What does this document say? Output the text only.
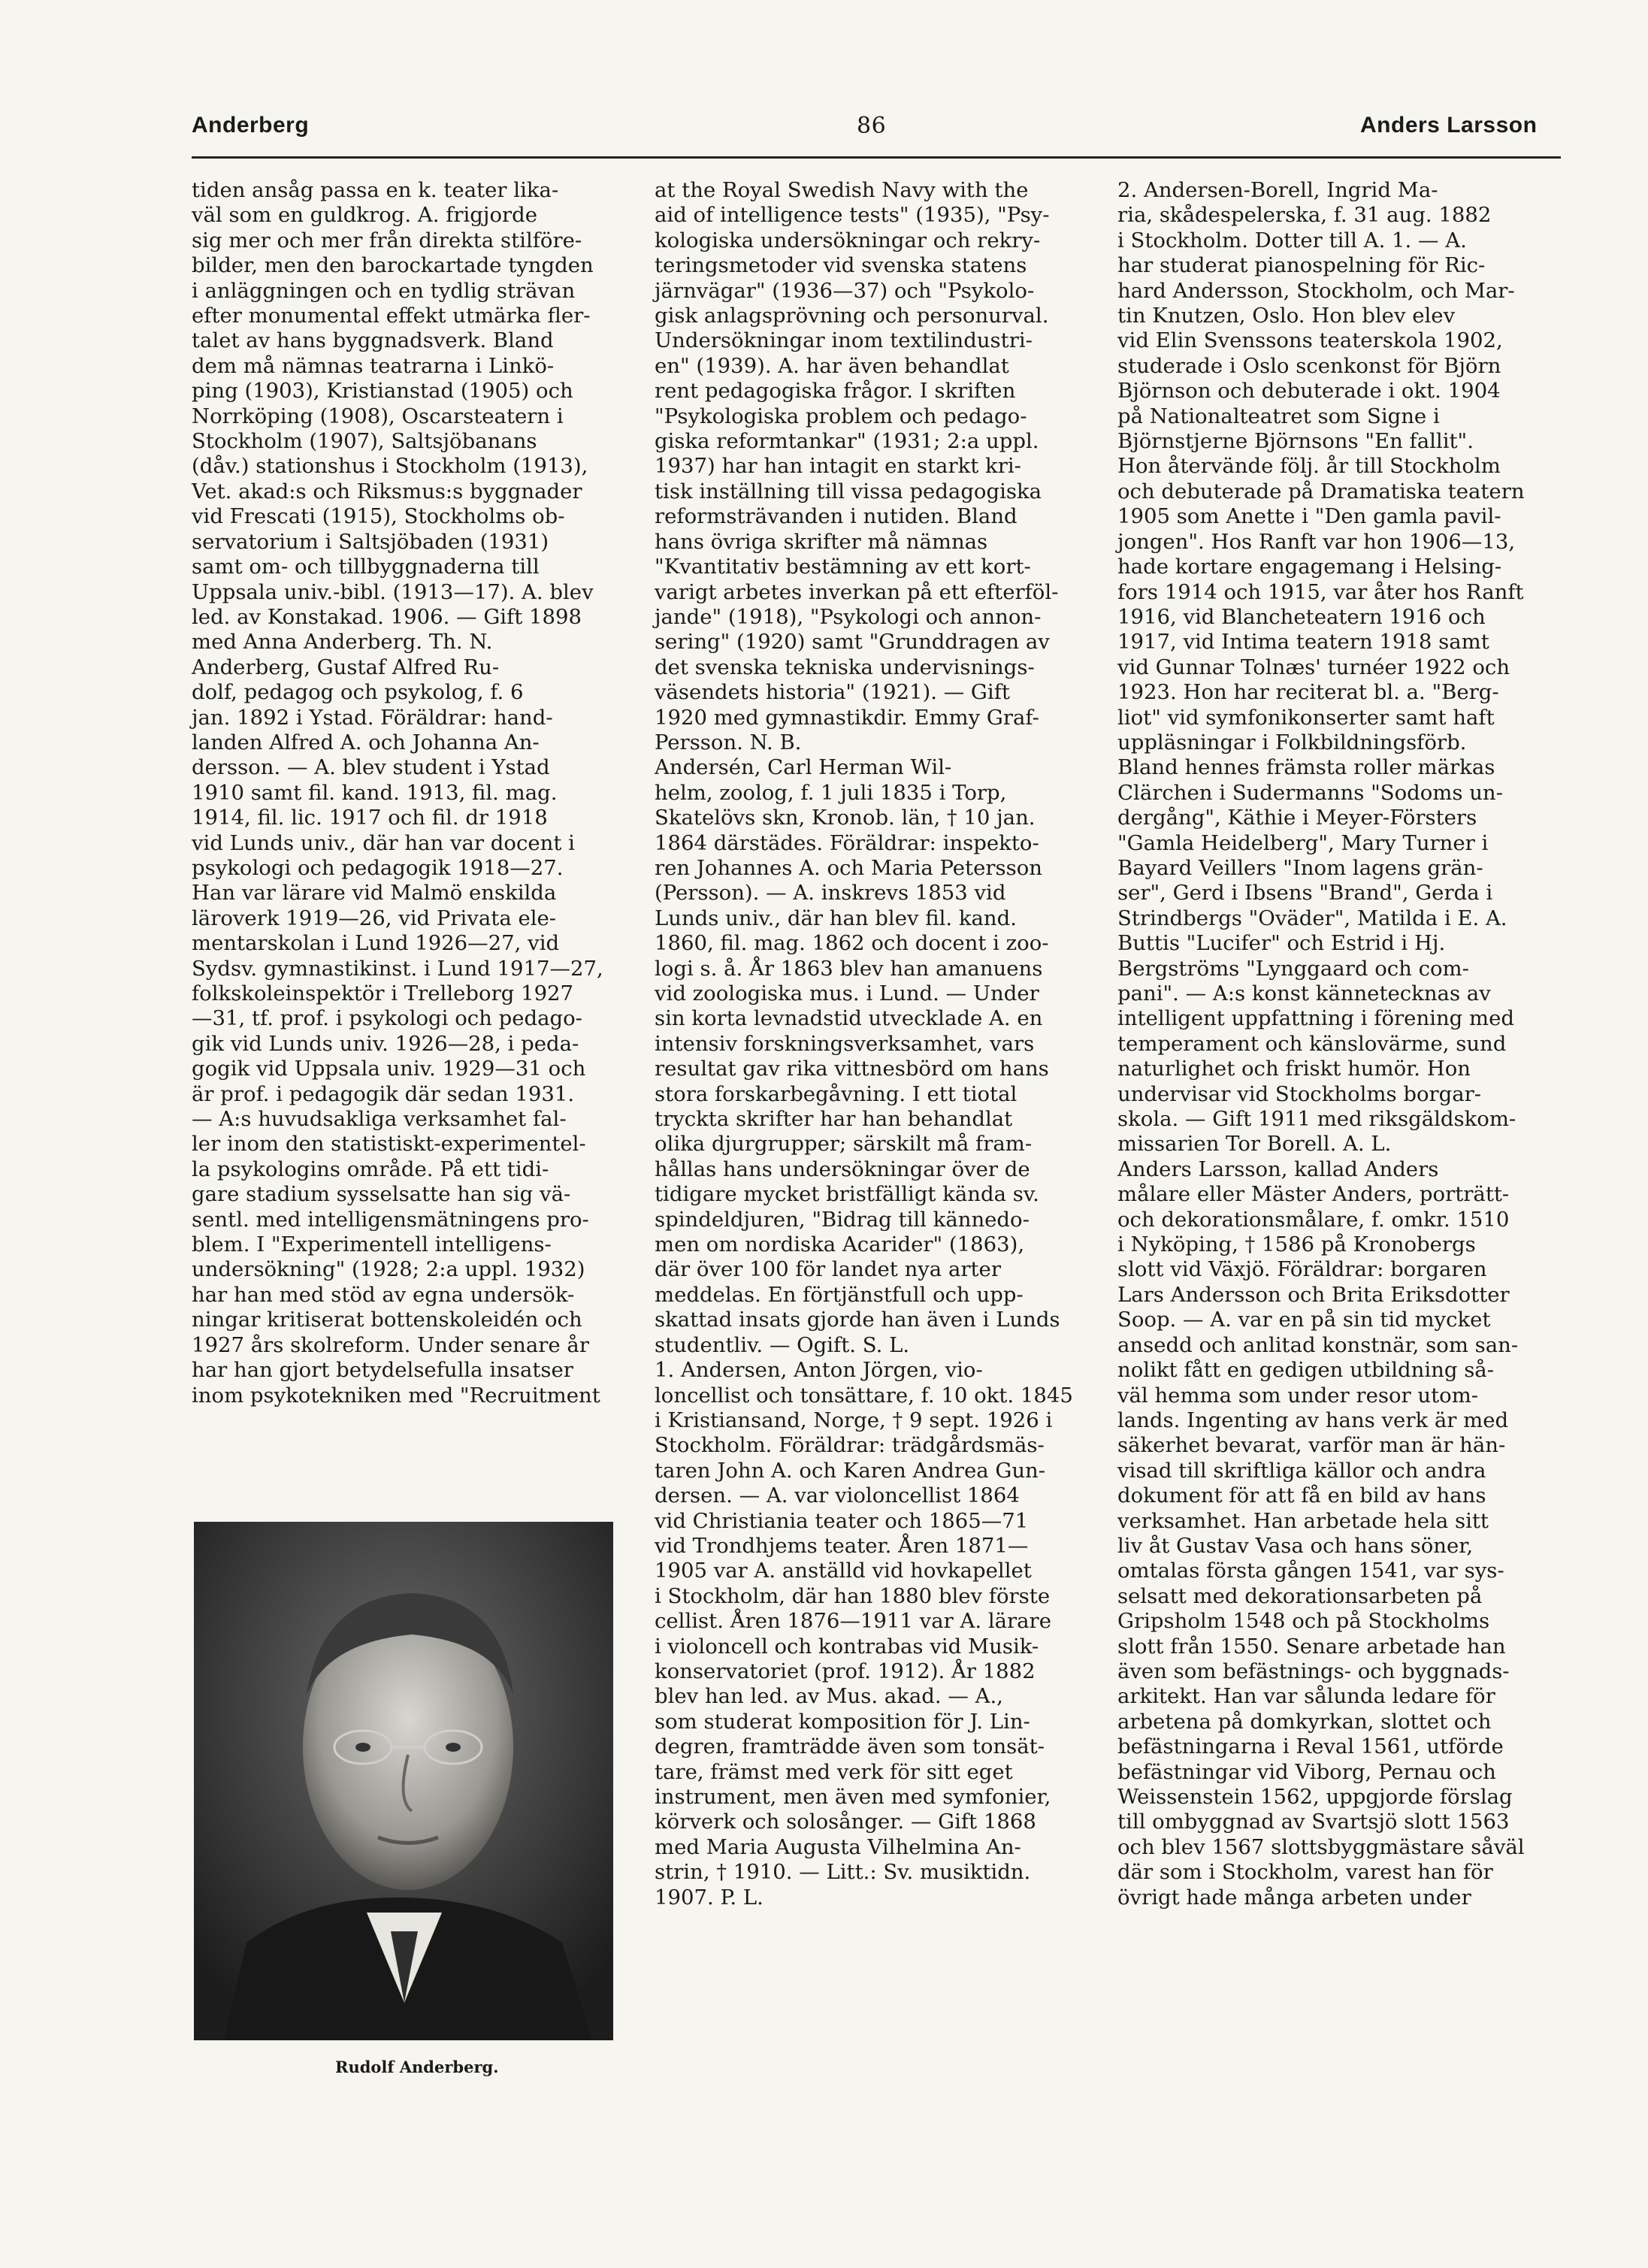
Anderberg	86	Anders Larsson

tiden ansåg passa en k. teater lika-

väl som en guldkrog. A. frigjorde

sig mer och mer från direkta stilföre-

bilder, men den barockartade tyngden

i anläggningen och en tydlig strävan

efter monumental effekt utmärka fler-

talet av hans byggnadsverk. Bland

dem må nämnas teatrarna i Linkö-

ping (1903), Kristianstad (1905) och

Norrköping (1908), Oscarsteatern i

Stockholm (1907), Saltsjöbanans

(dåv.) stationshus i Stockholm (1913),

Vet. akad:s och Riksmus:s byggnader

vid Frescati (1915), Stockholms ob-

servatorium i Saltsjöbaden (1931)

samt om- och tillbyggnaderna till

Uppsala univ.-bibl. (1913—17). A. blev

led. av Konstakad. 1906. — Gift 1898

med Anna Anderberg. Th. N.

Anderberg, Gustaf Alfred Ru-

dolf, pedagog och psykolog, f. 6

jan. 1892 i Ystad. Föräldrar: hand-

landen Alfred A. och Johanna An-

dersson. — A. blev student i Ystad

1910 samt fil. kand. 1913, fil. mag.

1914, fil. lic. 1917 och fil. dr 1918

vid Lunds univ., där han var docent i

psykologi och pedagogik 1918—27.

Han var lärare vid Malmö enskilda

läroverk 1919—26, vid Privata ele-

mentarskolan i Lund 1926—27, vid

Sydsv. gymnastikinst. i Lund 1917—27,

folkskoleinspektör i Trelleborg 1927

—31, tf. prof. i psykologi och pedago-

gik vid Lunds univ. 1926—28, i peda-

gogik vid Uppsala univ. 1929—31 och

är prof. i pedagogik där sedan 1931.

— A:s huvudsakliga verksamhet fal-

ler inom den statistiskt-experimentel-

la psykologins område. På ett tidi-

gare stadium sysselsatte han sig vä-

sentl. med intelligensmätningens pro-

blem. I "Experimentell intelligens-

undersökning" (1928; 2:a uppl. 1932)

har han med stöd av egna undersök-

ningar kritiserat bottenskoleidén och

1927 års skolreform. Under senare år

har han gjort betydelsefulla insatser

inom psykotekniken med "Recruitment

at the Royal Swedish Navy with the

aid of intelligence tests" (1935), "Psy-

kologiska undersökningar och rekry-

teringsmetoder vid svenska statens

järnvägar" (1936—37) och "Psykolo-

gisk anlagsprövning och personurval.

Undersökningar inom textilindustri-

en" (1939). A. har även behandlat

rent pedagogiska frågor. I skriften

"Psykologiska problem och pedago-

giska reformtankar" (1931; 2:a uppl.

1937) har han intagit en starkt kri-

tisk inställning till vissa pedagogiska

reformsträvanden i nutiden. Bland

hans övriga skrifter må nämnas

"Kvantitativ bestämning av ett kort-

varigt arbetes inverkan på ett efterföl-

jande" (1918), "Psykologi och annon-

sering" (1920) samt "Grunddragen av

det svenska tekniska undervisnings-

väsendets historia" (1921). — Gift

1920 med gymnastikdir. Emmy Graf-

Persson. N. B.

Andersén, Carl Herman Wil-

helm, zoolog, f. 1 juli 1835 i Torp,

Skatelövs skn, Kronob. län, † 10 jan.

1864 därstädes. Föräldrar: inspekto-

ren Johannes A. och Maria Petersson

(Persson). — A. inskrevs 1853 vid

Lunds univ., där han blev fil. kand.

1860, fil. mag. 1862 och docent i zoo-

logi s. å. År 1863 blev han amanuens

vid zoologiska mus. i Lund. — Under

sin korta levnadstid utvecklade A. en

intensiv forskningsverksamhet, vars

resultat gav rika vittnesbörd om hans

stora forskarbegåvning. I ett tiotal

tryckta skrifter har han behandlat

olika djurgrupper; särskilt må fram-

hållas hans undersökningar över de

tidigare mycket bristfälligt kända sv.

spindeldjuren, "Bidrag till kännedo-

men om nordiska Acarider" (1863),

där över 100 för landet nya arter

meddelas. En förtjänstfull och upp-

skattad insats gjorde han även i Lunds

studentliv. — Ogift. S. L.

1. Andersen, Anton Jörgen, vio-

loncellist och tonsättare, f. 10 okt. 1845

i Kristiansand, Norge, † 9 sept. 1926 i

Stockholm. Föräldrar: trädgårdsmäs-

taren John A. och Karen Andrea Gun-

dersen. — A. var violoncellist 1864

vid Christiania teater och 1865—71

vid Trondhjems teater. Åren 1871—

1905 var A. anställd vid hovkapellet

i Stockholm, där han 1880 blev förste

cellist. Åren 1876—1911 var A. lärare

i violoncell och kontrabas vid Musik-

konservatoriet (prof. 1912). År 1882

blev han led. av Mus. akad. — A.,

som studerat komposition för J. Lin-

degren, framträdde även som tonsät-

tare, främst med verk för sitt eget

instrument, men även med symfonier,

körverk och solosånger. — Gift 1868

med Maria Augusta Vilhelmina An-

strin, † 1910. — Litt.: Sv. musiktidn.

1907. P. L.

2. Andersen-Borell, Ingrid Ma-

ria, skådespelerska, f. 31 aug. 1882

i Stockholm. Dotter till A. 1. — A.

har studerat pianospelning för Ric-

hard Andersson, Stockholm, och Mar-

tin Knutzen, Oslo. Hon blev elev

vid Elin Svenssons teaterskola 1902,

studerade i Oslo scenkonst för Björn

Björnson och debuterade i okt. 1904

på Nationalteatret som Signe i

Björnstjerne Björnsons "En fallit".

Hon återvände följ. år till Stockholm

och debuterade på Dramatiska teatern

1905 som Anette i "Den gamla pavil-

jongen". Hos Ranft var hon 1906—13,

hade kortare engagemang i Helsing-

fors 1914 och 1915, var åter hos Ranft

1916, vid Blancheteatern 1916 och

1917, vid Intima teatern 1918 samt

vid Gunnar Tolnæs' turnéer 1922 och

1923. Hon har reciterat bl. a. "Berg-

liot" vid symfonikonserter samt haft

uppläsningar i Folkbildningsförb.

Bland hennes främsta roller märkas

Clärchen i Sudermanns "Sodoms un-

dergång", Käthie i Meyer-Försters

"Gamla Heidelberg", Mary Turner i

Bayard Veillers "Inom lagens grän-

ser", Gerd i Ibsens "Brand", Gerda i

Strindbergs "Oväder", Matilda i E. A.

Buttis "Lucifer" och Estrid i Hj.

Bergströms "Lynggaard och com-

pani". — A:s konst kännetecknas av

intelligent uppfattning i förening med

temperament och känslovärme, sund

naturlighet och friskt humör. Hon

undervisar vid Stockholms borgar-

skola. — Gift 1911 med riksgäldskom-

missarien Tor Borell. A. L.

Anders Larsson, kallad Anders

målare eller Mäster Anders, porträtt-

och dekorationsmålare, f. omkr. 1510

i Nyköping, † 1586 på Kronobergs

slott vid Växjö. Föräldrar: borgaren

Lars Andersson och Brita Eriksdotter

Soop. — A. var en på sin tid mycket

ansedd och anlitad konstnär, som san-

nolikt fått en gedigen utbildning så-

väl hemma som under resor utom-

lands. Ingenting av hans verk är med

säkerhet bevarat, varför man är hän-

visad till skriftliga källor och andra

dokument för att få en bild av hans

verksamhet. Han arbetade hela sitt

liv åt Gustav Vasa och hans söner,

omtalas första gången 1541, var sys-

selsatt med dekorationsarbeten på

Gripsholm 1548 och på Stockholms

slott från 1550. Senare arbetade han

även som befästnings- och byggnads-

arkitekt. Han var sålunda ledare för

arbetena på domkyrkan, slottet och

befästningarna i Reval 1561, utförde

befästningar vid Viborg, Pernau och

Weissenstein 1562, uppgjorde förslag

till ombyggnad av Svartsjö slott 1563

och blev 1567 slottsbyggmästare såväl

där som i Stockholm, varest han för

övrigt hade många arbeten under

Rudolf Anderberg.
